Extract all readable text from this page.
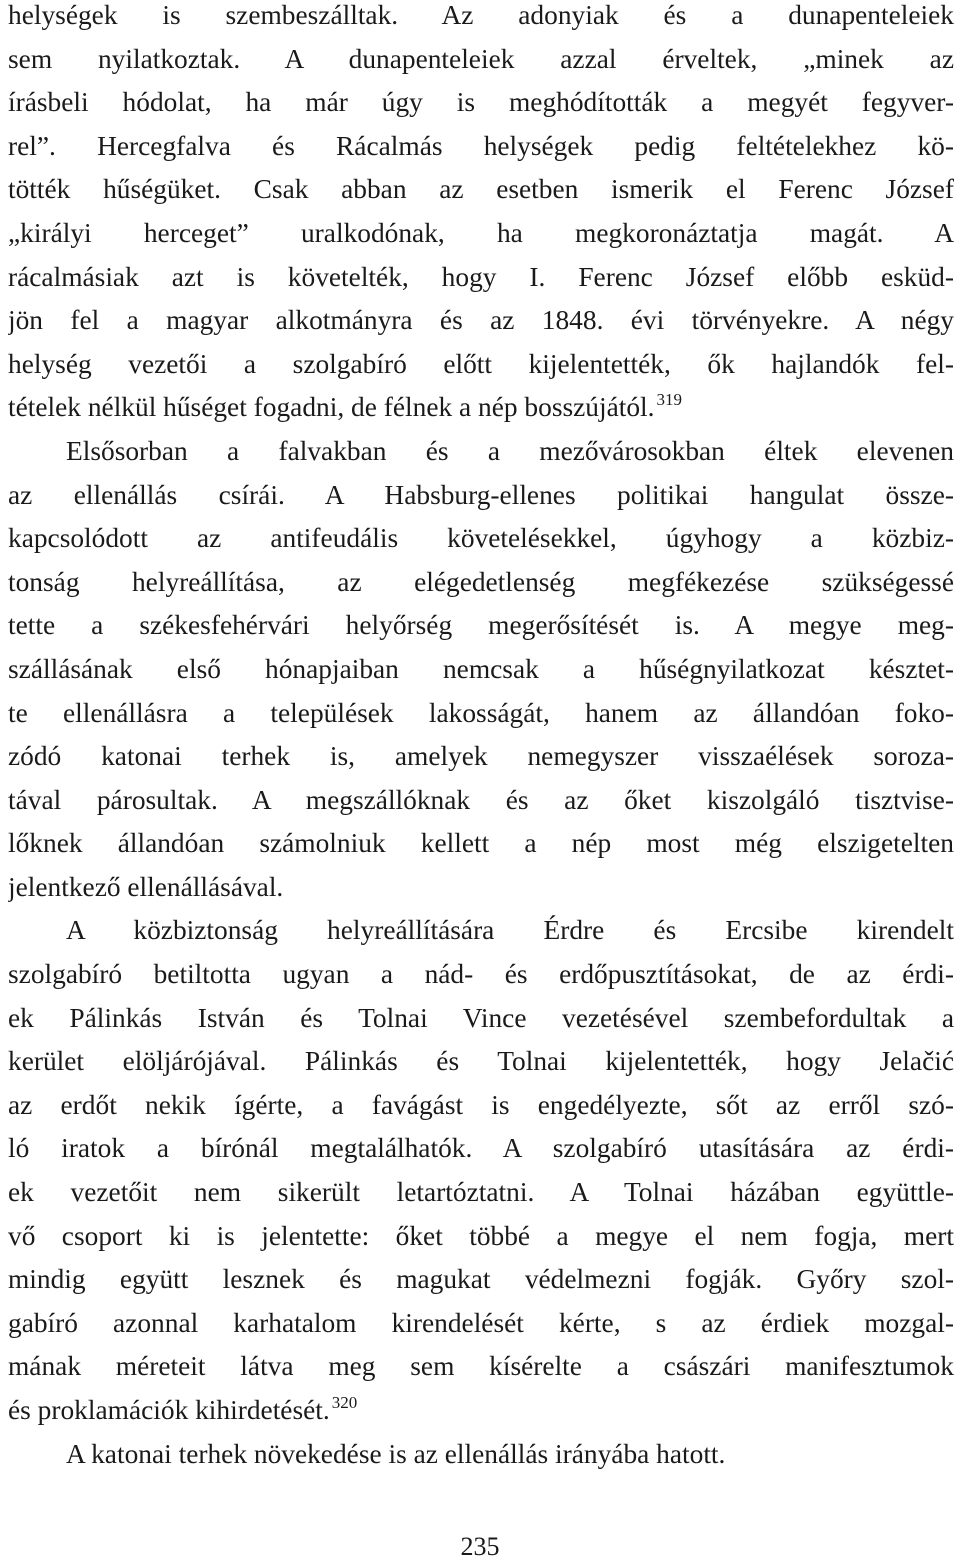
helységek is szembeszálltak. Az adonyiak és a dunapenteleiek
sem nyilatkoztak. A dunapenteleiek azzal érveltek, „minek az
írásbeli hódolat, ha már úgy is meghódították a megyét fegyver-
rel”. Hercegfalva és Rácalmás helységek pedig feltételekhez kö-
tötték hűségüket. Csak abban az esetben ismerik el Ferenc József
„királyi herceget” uralkodónak, ha megkoronáztatja magát. A
rácalmásiak azt is követelték, hogy I. Ferenc József előbb esküd-
jön fel a magyar alkotmányra és az 1848. évi törvényekre. A négy
helység vezetői a szolgabíró előtt kijelentették, ők hajlandók fel-
tételek nélkül hűséget fogadni, de félnek a nép bosszújától. $^{319}$

Elsősorban a falvakban és a mezővárosokban éltek elevenen
az ellenállás csírái. A Habsburg-ellenes politikai hangulat össze-
kapcsolódott az antifeudális követelésekkel, úgyhogy a közbiz-
tonság helyreállítása, az elégedetlenség megfékezése szükségessé
tette a székesfehérvári helyőrség megerősítését is. A megye meg-
szállásának első hónapjaiban nemcsak a hűségnyilatkozat késztet-
te ellenállásra a települések lakosságát, hanem az állandóan foko-
zódó katonai terhek is, amelyek nemegyszer visszaélések soroza-
tával párosultak. A megszállóknak és az őket kiszolgáló tisztvise-
lőknek állandóan számolniuk kellett a nép most még elszigetelten
jelentkező ellenállásával.

A közbiztonság helyreállítására Érdre és Ercsibe kirendelt
szolgabíró betiltotta ugyan a nád- és erdőpusztításokat, de az érdi-
ek Pálinkás István és Tolnai Vince vezetésével szembefordultak a
kerület elöljárójával. Pálinkás és Tolnai kijelentették, hogy Jelačić
az erdőt nekik ígérte, a favágást is engedélyezte, sőt az erről szó-
ló iratok a bírónál megtalálhatók. A szolgabíró utasítására az érdi-
ek vezetőit nem sikerült letartóztatni. A Tolnai házában együttle-
vő csoport ki is jelentette: őket többé a megye el nem fogja, mert
mindig együtt lesznek és magukat védelmezni fogják. Győry szol-
gabíró azonnal karhatalom kirendelését kérte, s az érdiek mozgal-
mának méreteit látva meg sem kísérelte a császári manifesztumok
és proklamációk kihirdetését. $^{320}$

A katonai terhek növekedése is az ellenállás irányába hatott.

235
